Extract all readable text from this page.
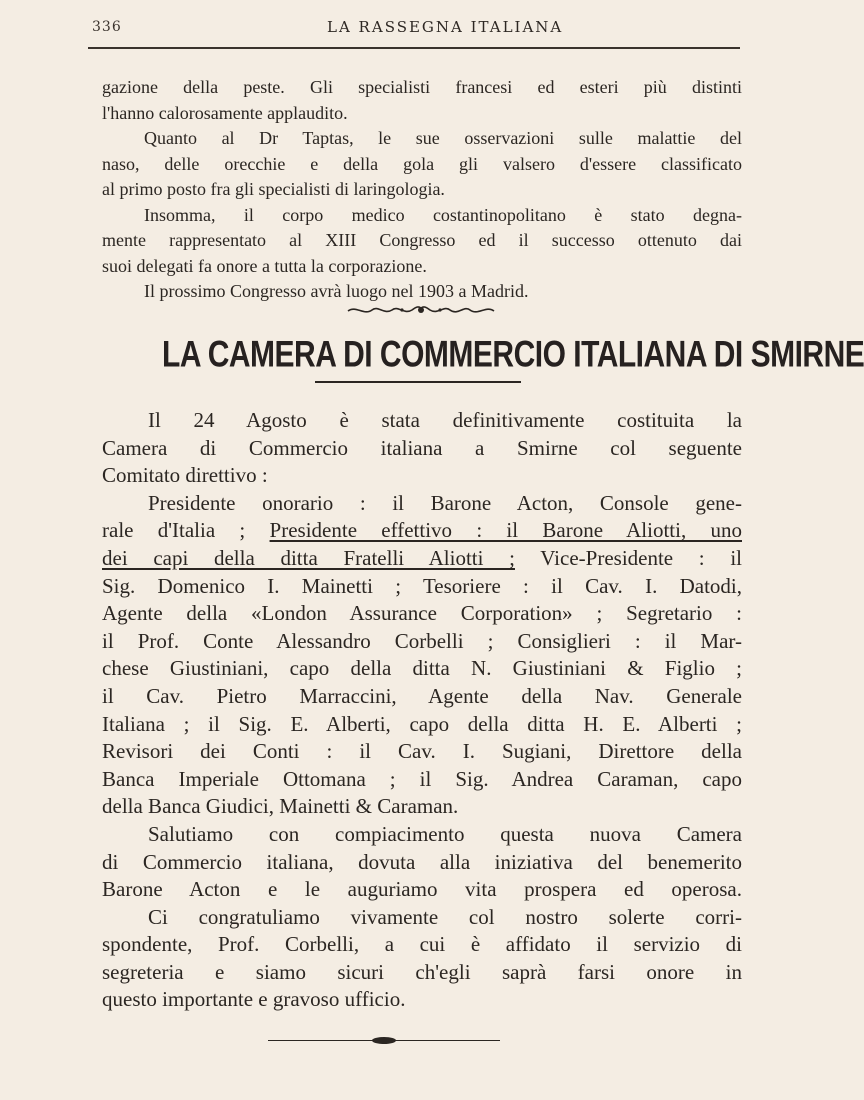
336	LA RASSEGNA ITALIANA
gazione della peste. Gli specialisti francesi ed esteri più distinti
l'hanno calorosamente applaudito.
Quanto al Dr Taptas, le sue osservazioni sulle malattie del
naso, delle orecchie e della gola gli valsero d'essere classificato
al primo posto fra gli specialisti di laringologia.
Insomma, il corpo medico costantinopolitano è stato degna-
mente rappresentato al XIII Congresso ed il successo ottenuto dai
suoi delegati fa onore a tutta la corporazione.
Il prossimo Congresso avrà luogo nel 1903 a Madrid.
LA CAMERA DI COMMERCIO ITALIANA DI SMIRNE
Il 24 Agosto è stata definitivamente costituita la
Camera di Commercio italiana a Smirne col seguente
Comitato direttivo :
Presidente onorario : il Barone Acton, Console gene-
rale d'Italia ; Presidente effettivo : il Barone Aliotti, uno
dei capi della ditta Fratelli Aliotti ; Vice-Presidente : il
Sig. Domenico I. Mainetti ; Tesoriere : il Cav. I. Datodi,
Agente della «London Assurance Corporation» ; Segretario :
il Prof. Conte Alessandro Corbelli ; Consiglieri : il Mar-
chese Giustiniani, capo della ditta N. Giustiniani & Figlio ;
il Cav. Pietro Marraccini, Agente della Nav. Generale
Italiana ; il Sig. E. Alberti, capo della ditta H. E. Alberti ;
Revisori dei Conti : il Cav. I. Sugiani, Direttore della
Banca Imperiale Ottomana ; il Sig. Andrea Caraman, capo
della Banca Giudici, Mainetti & Caraman.
Salutiamo con compiacimento questa nuova Camera
di Commercio italiana, dovuta alla iniziativa del benemerito
Barone Acton e le auguriamo vita prospera ed operosa.
Ci congratuliamo vivamente col nostro solerte corri-
spondente, Prof. Corbelli, a cui è affidato il servizio di
segreteria e siamo sicuri ch'egli saprà farsi onore in
questo importante e gravoso ufficio.
